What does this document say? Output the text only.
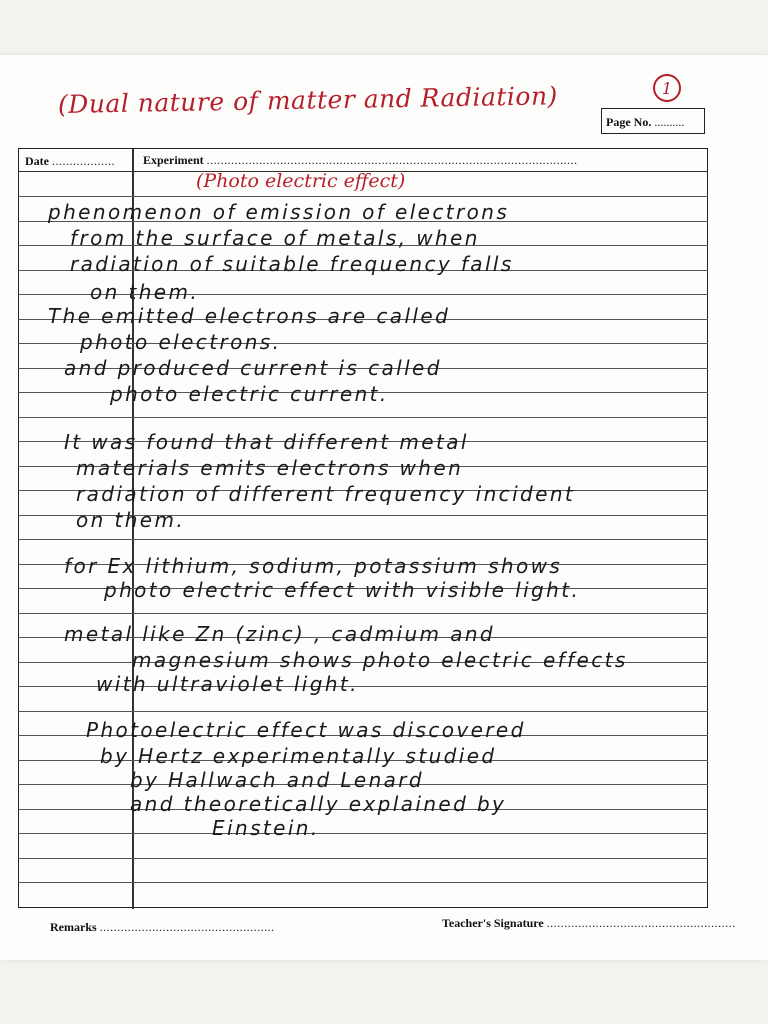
(Dual nature of matter and Radiation)	1
Page No. ..........
Date .................. Experiment ..........................................................................................................
(Photo electric effect)
phenomenon of emission of electrons
from the surface of metals, when
radiation of suitable frequency falls
on them.
The emitted electrons are called
photo electrons.
and produced current is called
photo electric current.
It was found that different metal
materials emits electrons when
radiation of different frequency incident
on them.
for Ex lithium, sodium, potassium shows
photo electric effect with visible light.
metal like Zn (zinc) , cadmium and
magnesium shows photo electric effects
with ultraviolet light.
Photoelectric effect was discovered
by Hertz experimentally studied
by Hallwach and Lenard
and theoretically explained by
Einstein.
Remarks ..................................................	Teacher's Signature ......................................................
